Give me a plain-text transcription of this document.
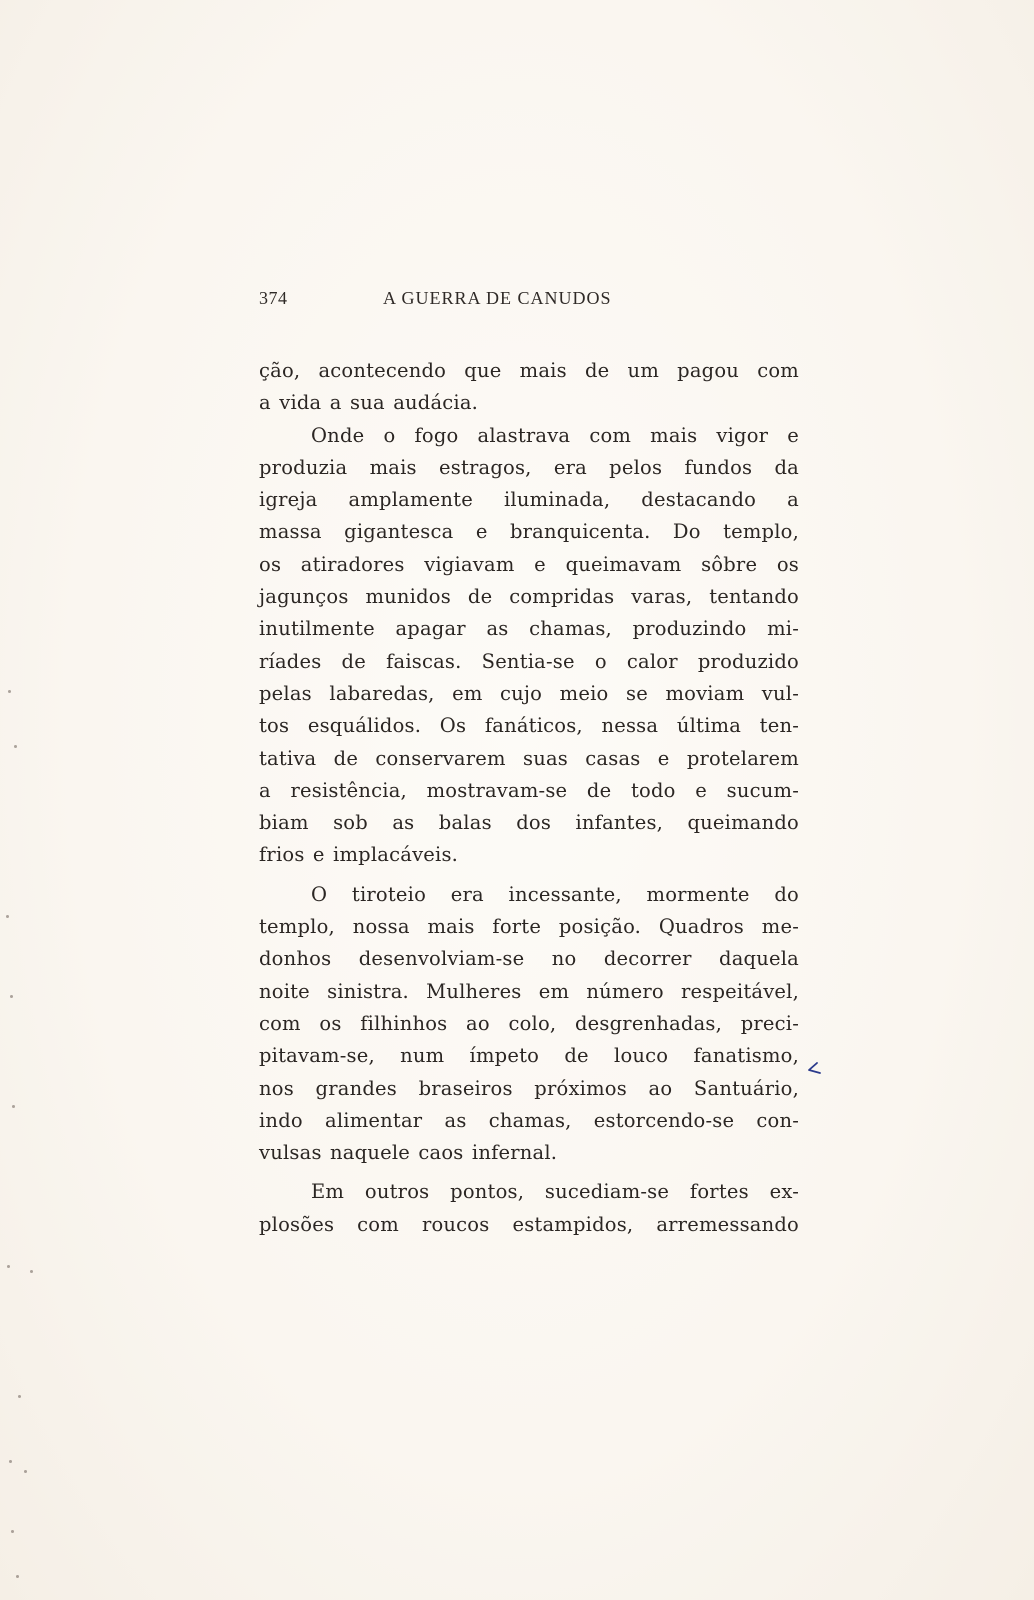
374	A GUERRA DE CANUDOS
ção, acontecendo que mais de um pagou com
a vida a sua audácia.
Onde o fogo alastrava com mais vigor e
produzia mais estragos, era pelos fundos da
igreja amplamente iluminada, destacando a
massa gigantesca e branquicenta. Do templo,
os atiradores vigiavam e queimavam sôbre os
jagunços munidos de compridas varas, tentando
inutilmente apagar as chamas, produzindo mi-
ríades de faiscas. Sentia-se o calor produzido
pelas labaredas, em cujo meio se moviam vul-
tos esquálidos. Os fanáticos, nessa última ten-
tativa de conservarem suas casas e protelarem
a resistência, mostravam-se de todo e sucum-
biam sob as balas dos infantes, queimando
frios e implacáveis.
O tiroteio era incessante, mormente do
templo, nossa mais forte posição. Quadros me-
donhos desenvolviam-se no decorrer daquela
noite sinistra. Mulheres em número respeitável,
com os filhinhos ao colo, desgrenhadas, preci-
pitavam-se, num ímpeto de louco fanatismo,
nos grandes braseiros próximos ao Santuário,
indo alimentar as chamas, estorcendo-se con-
vulsas naquele caos infernal.
Em outros pontos, sucediam-se fortes ex-
plosões com roucos estampidos, arremessando
